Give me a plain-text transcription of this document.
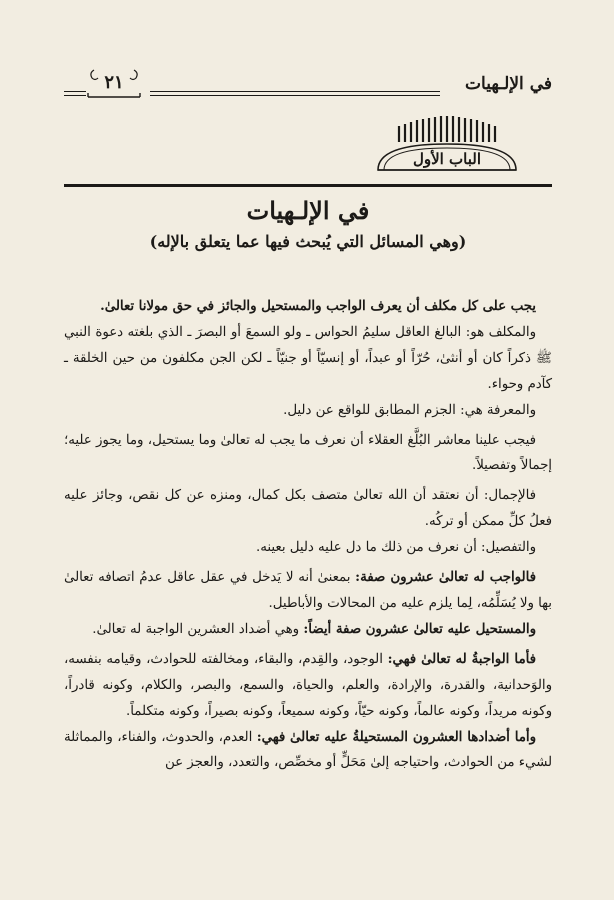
في الإلـهيات
٢١
الباب الأول
في الإلـهيات
(وهي المسائل التي يُبحث فيها عما يتعلق بالإله)

يجب على كل مكلف أن يعرف الواجب والمستحيل والجائز في حق مولانا تعالىٰ.

والمكلف هو: البالغ العاقل سليمُ الحواس ـ ولو السمعَ أو البصرَ ـ الذي بلغته دعوة النبي ﷺ ذكراً كان أو أنثىٰ، حُرّاً أو عبداً، أو إنسيّاً أو جنيّاً ـ لكن الجن مكلفون من حين الخلقة ـ كآدم وحواء.

والمعرفة هي: الجزم المطابق للواقع عن دليل.

فيجب علينا معاشر البُلَّغ العقلاء أن نعرف ما يجب له تعالىٰ وما يستحيل، وما يجوز عليه؛ إجمالاً وتفصيلاً.

فالإجمال: أن نعتقد أن الله تعالىٰ متصف بكل كمال، ومنزه عن كل نقص، وجائز عليه فعلُ كلِّ ممكن أو تركُه.

والتفصيل: أن نعرف من ذلك ما دل عليه دليل بعينه.

فالواجب له تعالىٰ عشرون صفة: بمعنىٰ أنه لا يَدخل في عقل عاقل عدمُ اتصافه تعالىٰ بها ولا يُسَلِّمُه، لِما يلزم عليه من المحالات والأباطيل.

والمستحيل عليه تعالىٰ عشرون صفة أيضاً: وهي أضداد العشرين الواجبة له تعالىٰ.

فأما الواجبةُ له تعالىٰ فهي: الوجود، والقِدم، والبقاء، ومخالفته للحوادث، وقيامه بنفسه، والوَحدانية، والقدرة، والإرادة، والعلم، والحياة، والسمع، والبصر، والكلام، وكونه قادراً، وكونه مريداً، وكونه عالماً، وكونه حيّاً، وكونه سميعاً، وكونه بصيراً، وكونه متكلماً.

وأما أضدادها العشرون المستحيلةُ عليه تعالىٰ فهي: العدم، والحدوث، والفناء، والمماثلة لشيء من الحوادث، واحتياجه إلىٰ مَحَلٍّ أو مخصِّص، والتعدد، والعجز عن
